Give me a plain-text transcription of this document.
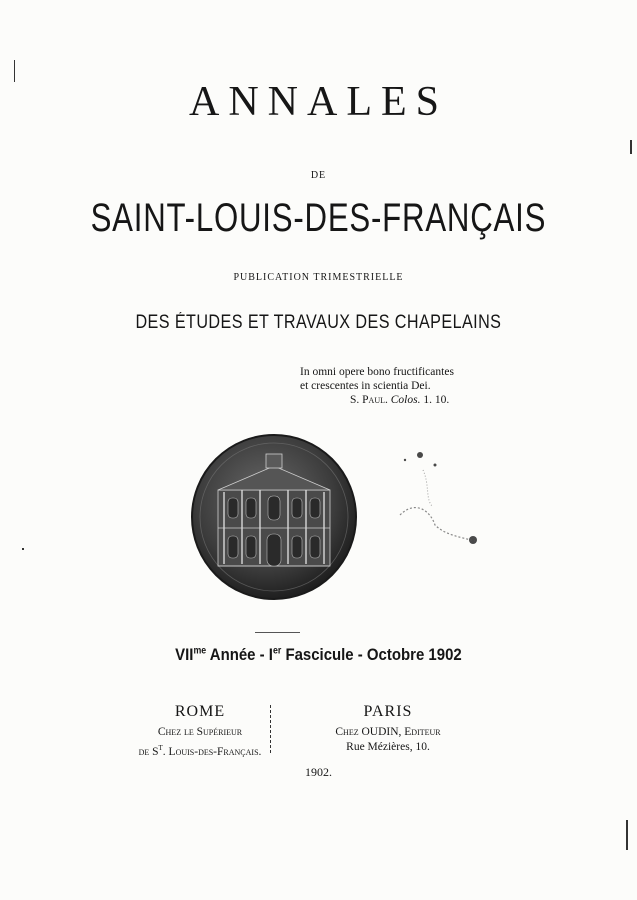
ANNALES
DE
SAINT-LOUIS-DES-FRANÇAIS
PUBLICATION TRIMESTRIELLE
DES ÉTUDES ET TRAVAUX DES CHAPELAINS
In omni opere bono fructificantes
et crescentes in scientia Dei.
S. Paul. Colos. 1. 10.
$VII^{me}$ Année - Ier Fascicule - Octobre 1902
ROME
Chez le Supérieur
de $S^t$. Louis-des-Français.
PARIS
Chez OUDIN, Editeur
Rue Mézières, 10.
1902.
